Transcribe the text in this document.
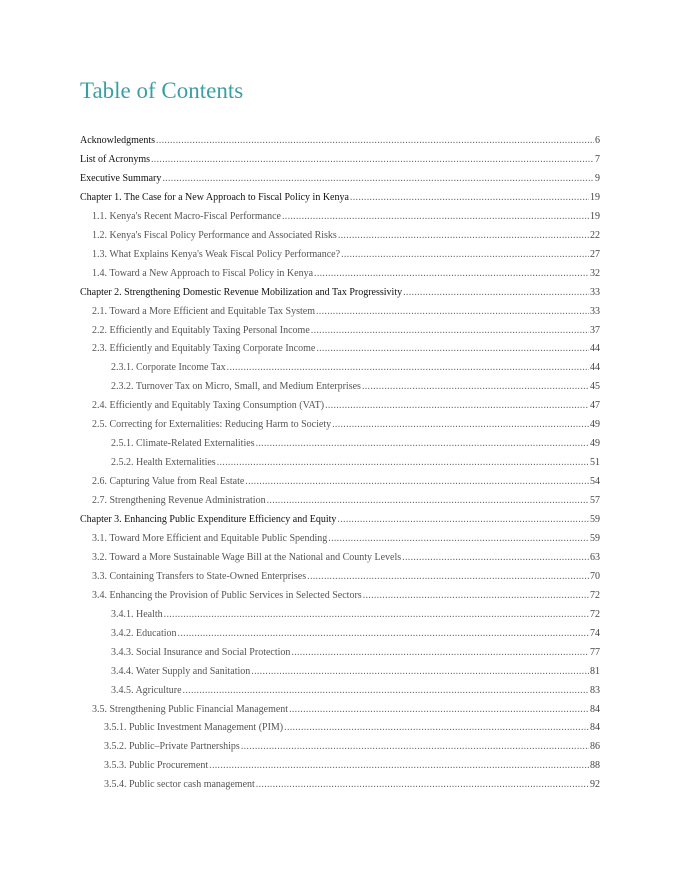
Table of Contents
Acknowledgments .....	6
List of Acronyms .....	7
Executive Summary .....	9
Chapter 1. The Case for a New Approach to Fiscal Policy in Kenya .....	19
1.1. Kenya's Recent Macro-Fiscal Performance .....	19
1.2. Kenya's Fiscal Policy Performance and Associated Risks .....	22
1.3. What Explains Kenya's Weak Fiscal Policy Performance? .....	27
1.4. Toward a New Approach to Fiscal Policy in Kenya .....	32
Chapter 2. Strengthening Domestic Revenue Mobilization and Tax Progressivity .....	33
2.1. Toward a More Efficient and Equitable Tax System .....	33
2.2. Efficiently and Equitably Taxing Personal Income .....	37
2.3. Efficiently and Equitably Taxing Corporate Income .....	44
2.3.1. Corporate Income Tax .....	44
2.3.2. Turnover Tax on Micro, Small, and Medium Enterprises .....	45
2.4. Efficiently and Equitably Taxing Consumption (VAT) .....	47
2.5. Correcting for Externalities: Reducing Harm to Society .....	49
2.5.1. Climate-Related Externalities .....	49
2.5.2. Health Externalities .....	51
2.6. Capturing Value from Real Estate .....	54
2.7. Strengthening Revenue Administration .....	57
Chapter 3. Enhancing Public Expenditure Efficiency and Equity .....	59
3.1. Toward More Efficient and Equitable Public Spending .....	59
3.2. Toward a More Sustainable Wage Bill at the National and County Levels .....	63
3.3. Containing Transfers to State-Owned Enterprises .....	70
3.4. Enhancing the Provision of Public Services in Selected Sectors .....	72
3.4.1. Health .....	72
3.4.2. Education .....	74
3.4.3. Social Insurance and Social Protection .....	77
3.4.4. Water Supply and Sanitation .....	81
3.4.5. Agriculture .....	83
3.5. Strengthening Public Financial Management .....	84
3.5.1. Public Investment Management (PIM) .....	84
3.5.2. Public–Private Partnerships .....	86
3.5.3. Public Procurement .....	88
3.5.4. Public sector cash management .....	92
